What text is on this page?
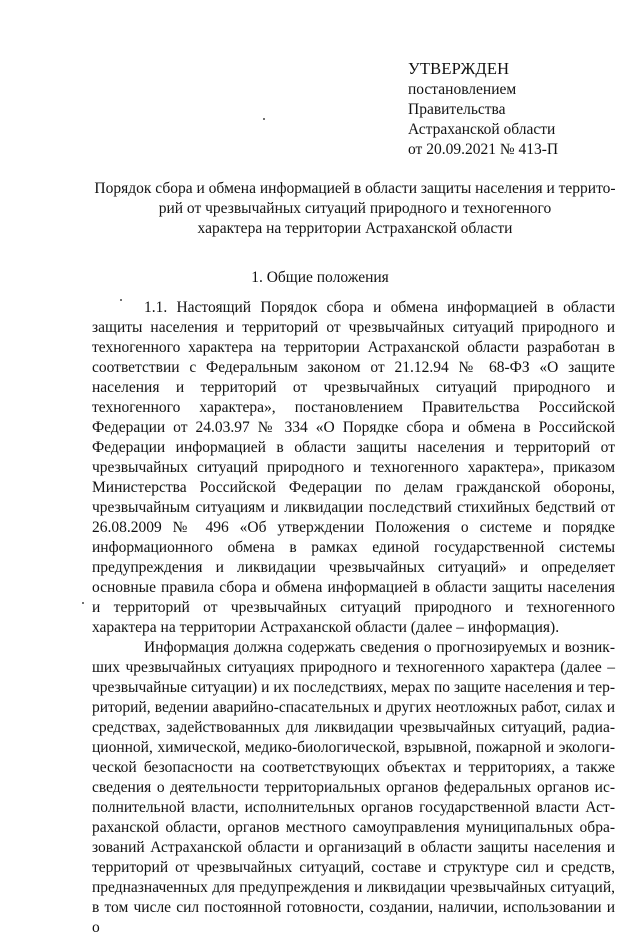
УТВЕРЖДЕН
постановлением
Правительства
Астраханской области
от 20.09.2021 № 413-П
Порядок сбора и обмена информацией в области защиты населения и террито-
рий от чрезвычайных ситуаций природного и техногенного
характера на территории Астраханской области
1. Общие положения

1.1. Настоящий Порядок сбора и обмена информацией в области защиты населения и территорий от чрезвычайных ситуаций природного и техногенного характера на территории Астраханской области разработан в соответствии с Федеральным законом от 21.12.94 № 68-ФЗ «О защите населения и территорий от чрезвычайных ситуаций природного и техногенного характера», постановлением Правительства Российской Федерации от 24.03.97 № 334 «О Порядке сбора и обмена в Российской Федерации информацией в области защиты населения и территорий от чрезвычайных ситуаций природного и техногенного характера», приказом Министерства Российской Федерации по делам гражданской обороны, чрезвычайным ситуациям и ликвидации последствий стихийных бедствий от 26.08.2009 № 496 «Об утверждении Положения о системе и порядке информационного обмена в рамках единой государственной системы предупреждения и ликвидации чрезвычайных ситуаций» и определяет основные правила сбора и обмена информацией в области защиты населения и территорий от чрезвычайных ситуаций природного и техногенного характера на территории Астраханской области (далее – информация).

Информация должна содержать сведения о прогнозируемых и возникших чрезвычайных ситуациях природного и техногенного характера (далее – чрезвычайные ситуации) и их последствиях, мерах по защите населения и территорий, ведении аварийно-спасательных и других неотложных работ, силах и средствах, задействованных для ликвидации чрезвычайных ситуаций, радиационной, химической, медико-биологической, взрывной, пожарной и экологической безопасности на соответствующих объектах и территориях, а также сведения о деятельности территориальных органов федеральных органов исполнительной власти, исполнительных органов государственной власти Астраханской области, органов местного самоуправления муниципальных образований Астраханской области и организаций в области защиты населения и территорий от чрезвычайных ситуаций, составе и структуре сил и средств, предназначенных для предупреждения и ликвидации чрезвычайных ситуаций, в том числе сил постоянной готовности, создании, наличии, использовании и о
